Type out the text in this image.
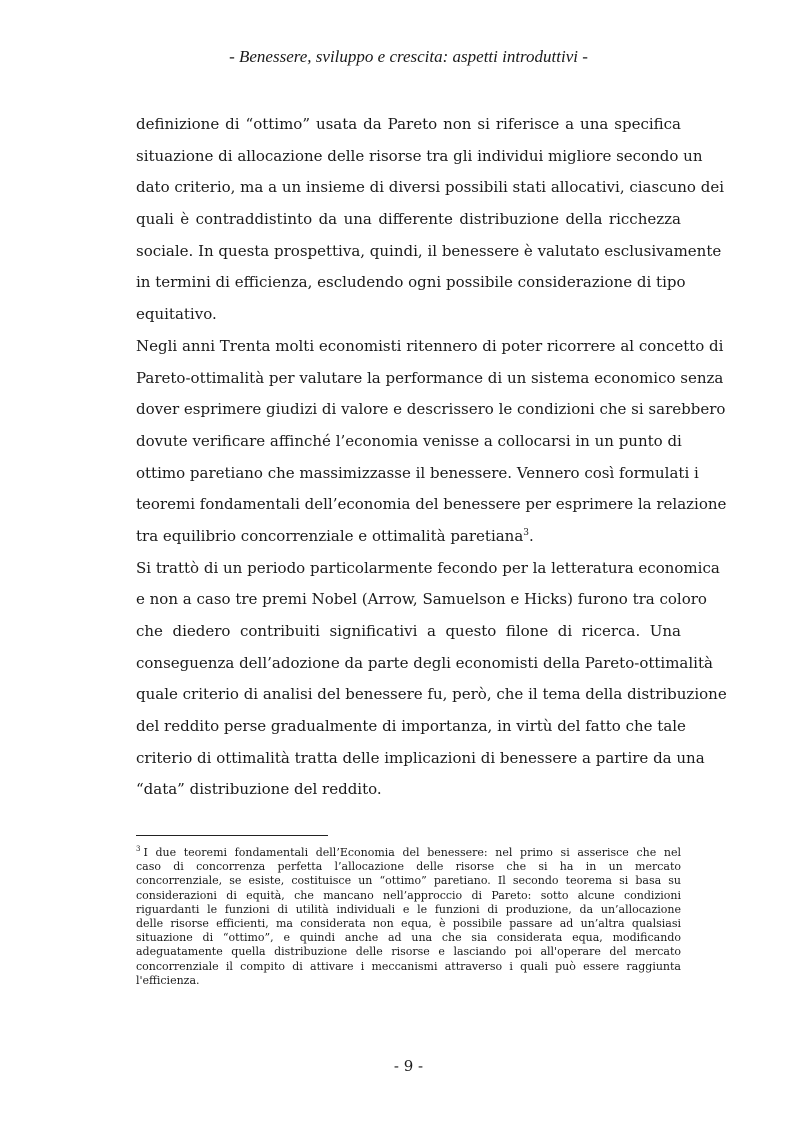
- Benessere, sviluppo e crescita: aspetti introduttivi -
definizione di “ottimo” usata da Pareto non si riferisce a una specifica
situazione di allocazione delle risorse tra gli individui migliore secondo un
dato criterio, ma a un insieme di diversi possibili stati allocativi, ciascuno dei
quali è contraddistinto da una differente distribuzione della ricchezza
sociale. In questa prospettiva, quindi, il benessere è valutato esclusivamente
in termini di efficienza, escludendo ogni possibile considerazione di tipo
equitativo.
Negli anni Trenta molti economisti ritennero di poter ricorrere al concetto di
Pareto-ottimalità per valutare la performance di un sistema economico senza
dover esprimere giudizi di valore e descrissero le condizioni che si sarebbero
dovute verificare affinché l’economia venisse a collocarsi in un punto di
ottimo paretiano che massimizzasse il benessere. Vennero così formulati i
teoremi fondamentali dell’economia del benessere per esprimere la relazione
tra equilibrio concorrenziale e ottimalità paretiana$^3$.
Si trattò di un periodo particolarmente fecondo per la letteratura economica
e non a caso tre premi Nobel (Arrow, Samuelson e Hicks) furono tra coloro
che diedero contribuiti significativi a questo filone di ricerca. Una
conseguenza dell’adozione da parte degli economisti della Pareto-ottimalità
quale criterio di analisi del benessere fu, però, che il tema della distribuzione
del reddito perse gradualmente di importanza, in virtù del fatto che tale
criterio di ottimalità tratta delle implicazioni di benessere a partire da una
“data” distribuzione del reddito.
$^3$ I due teoremi fondamentali dell’Economia del benessere: nel primo si asserisce che nel
caso di concorrenza perfetta l’allocazione delle risorse che si ha in un mercato
concorrenziale, se esiste, costituisce un “ottimo” paretiano. Il secondo teorema si basa su
considerazioni di equità, che mancano nell’approccio di Pareto: sotto alcune condizioni
riguardanti le funzioni di utilità individuali e le funzioni di produzione, da un’allocazione
delle risorse efficienti, ma considerata non equa, è possibile passare ad un’altra qualsiasi
situazione di “ottimo”, e quindi anche ad una che sia considerata equa, modificando
adeguatamente quella distribuzione delle risorse e lasciando poi all'operare del mercato
concorrenziale il compito di attivare i meccanismi attraverso i quali può essere raggiunta
l'efficienza.
- 9 -
